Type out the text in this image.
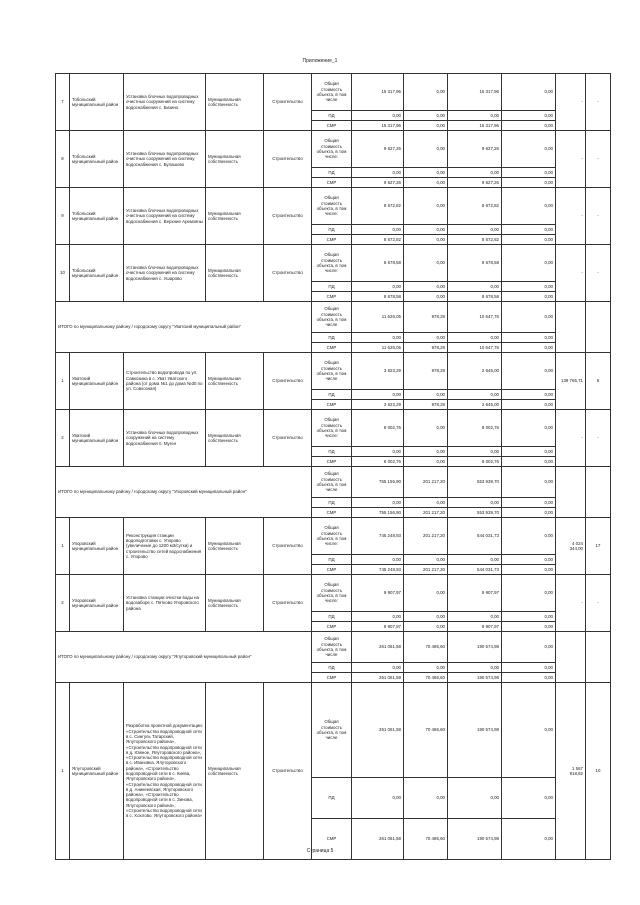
Приложение_1
7	Тобольский муниципальный район	Установка блочных водопроводных очистных сооружений на систему водоснабжения с. Бизино	Муниципальная собственность	Строительство	Общая стоимость объекта, в том числе	15 317,96	0,00	15 317,96	0,00	-	-
					ПД	0,00	0,00	0,00	0,00		
					СМР	15 317,96	0,00	15 317,96	0,00		
8	Тобольский муниципальный район	Установка блочных водопроводных очистных сооружений на систему водоснабжения с. Булашово	Муниципальная собственность	Строительство	Общая стоимость объекта, в том числе:	9 627,26	0,00	9 627,26	0,00	-	-
					ПД	0,00	0,00	0,00	0,00		
					СМР	9 627,26	0,00	9 627,26	0,00		
9	Тобольский муниципальный район	Установка блочных водопроводных очистных сооружений на систему водоснабжения с. Верхние Аремзяны	Муниципальная собственность	Строительство	Общая стоимость объекта, в том числе:	8 672,82	0,00	8 672,82	0,00	-	-
					ПД	0,00	0,00	0,00	0,00		
					СМР	8 672,82	0,00	8 672,82	0,00		
10	Тобольский муниципальный район	Установка блочных водопроводных очистных сооружений на систему водоснабжения с. Ушарово	Муниципальная собственность	Строительство	Общая стоимость объекта, в том числе:	8 678,58	0,00	8 678,58	0,00	-	-
					ПД	0,00	0,00	0,00	0,00		
					СМР	8 678,58	0,00	8 678,58	0,00		
ИТОГО по муниципальному району / городскому округу "Уватский муниципальный район"					Общая стоимость объекта, в том числе	11 626,05	978,29	10 647,76	0,00		
					ПД	0,00	0,00	0,00	0,00		
					СМР	11 626,05	978,29	10 647,76	0,00		
1	Уватский муниципальный район	Строительство водопровода по ул. Савкозина в с. Уват Уватского района (от дома №1 до дома №30 по ул. Совхозная)	Муниципальная собственность	Строительство	Общая стоимость объекта, в том числе	3 623,29	978,29	2 645,00	0,00	139 765,71	6
					ПД	0,00	0,00	0,00	0,00		
					СМР	3 623,29	978,29	2 645,00	0,00		
2	Уватский муниципальный район	Установка блочных водопроводных сооружений на систему водоснабжения п. Муген	Муниципальная собственность	Строительство	Общая стоимость объекта, в том числе:	8 002,76	0,00	8 002,76	0,00	-	-
					ПД	0,00	0,00	0,00	0,00		
					СМР	8 002,76	0,00	8 002,76	0,00		
ИТОГО по муниципальному району / городскому округу "Упоровский муниципальный район"					Общая стоимость объекта, в том числе	755 156,90	201 217,20	553 939,70	0,00		
					ПД	0,00	0,00	0,00	0,00		
					СМР	755 156,90	201 217,20	553 939,70	0,00		
1	Упоровский муниципальный район	Реконструкция станции водоподготовки с. Упорово (увеличение до 1200 м3/сутки) и строительство сетей водоснабжения с. Упорово	Муниципальная собственность	Строительство	Общая стоимость объекта, в том числе:	745 248,93	201 217,20	544 031,73	0,00	4 024 344,00	17
					ПД	0,00	0,00	0,00	0,00		
					СМР	745 248,93	201 217,20	544 031,73	0,00		
2	Упоровский муниципальный район	Установка станции очистки воды на водозаборе с. Пятково Упоровского района	Муниципальная собственность	Строительство	Общая стоимость объекта, в том числе:	9 907,97	0,00	9 907,97	0,00	-	-
					ПД	0,00	0,00	0,00	0,00		
					СМР	9 907,97	0,00	9 907,97	0,00		
ИТОГО по муниципальному району / городскому округу "Ялуторовский муниципальный район"					Общая стоимость объекта, в том числе	261 061,58	70 486,60	190 574,98	0,00		
					ПД	0,00	0,00	0,00	0,00		
					СМР	261 061,58	70 486,60	190 574,98	0,00		
1	Ялуторовский муниципальный район	Разработка проектной документации: «Строительство водопроводной сети в с. Сингуль Татарский, Ялуторовского района», «Строительство водопроводной сети в д. Южное, Ялуторовского района», «Строительство водопроводной сети в с. Ивановка, Ялуторовского района», «Строительство водопроводной сети в с. Киева, Ялуторовского района», «Строительство водопроводной сети в д. Аникеевская, Ялуторовского района», «Строительство водопроводной сети в с. Зинова, Ялуторовского района», «Строительство водопроводной сети в с. Хохлово, Ялуторовского района»	Муниципальная собственность	Строительство	Общая стоимость объекта, в том числе	261 061,58	70 486,60	190 574,98	0,00	1 567 918,82	10
					ПД	0,00	0,00	0,00	0,00		
					СМР	261 061,58	70 486,60	190 574,98	0,00		
Страница 5
